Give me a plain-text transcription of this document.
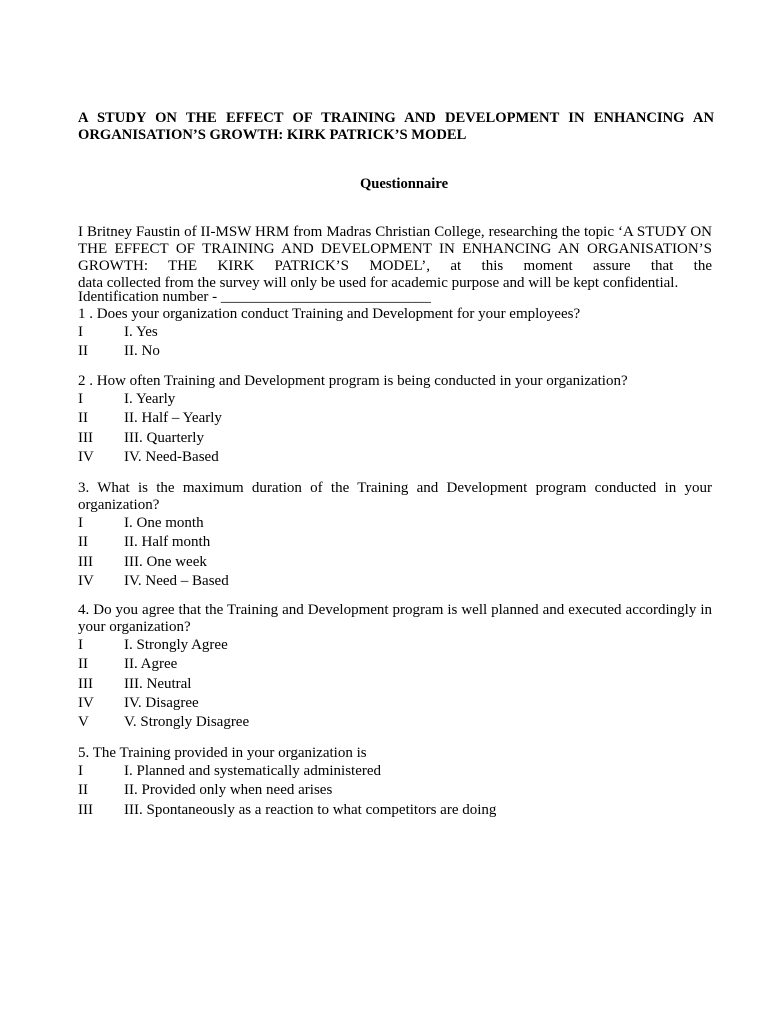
A STUDY ON THE EFFECT OF TRAINING AND DEVELOPMENT IN ENHANCING AN ORGANISATION’S GROWTH: KIRK PATRICK’S MODEL
Questionnaire
I Britney Faustin of II-MSW HRM from Madras Christian College, researching the topic ‘A STUDY ON THE EFFECT OF TRAINING AND DEVELOPMENT IN ENHANCING AN ORGANISATION’S GROWTH: THE KIRK PATRICK’S MODEL’, at this moment assure that the
data collected from the survey will only be used for academic purpose and will be kept confidential.
Identification number - ____________________________
1 . Does your organization conduct Training and Development for your employees?
I	I. Yes
II II. No
2 . How often Training and Development program is being conducted in your organization?
I	I. Yearly
II II. Half – Yearly
III III. Quarterly
IV IV. Need-Based
3. What is the maximum duration of the Training and Development program conducted in your organization?
I	I. One month
II II. Half month
III III. One week
IV IV. Need – Based
4. Do you agree that the Training and Development program is well planned and executed accordingly in your organization?
I	I. Strongly Agree
II II. Agree
III III. Neutral
IV IV. Disagree
V V. Strongly Disagree
5. The Training provided in your organization is
I	I. Planned and systematically administered
II II. Provided only when need arises
III III. Spontaneously as a reaction to what competitors are doing
